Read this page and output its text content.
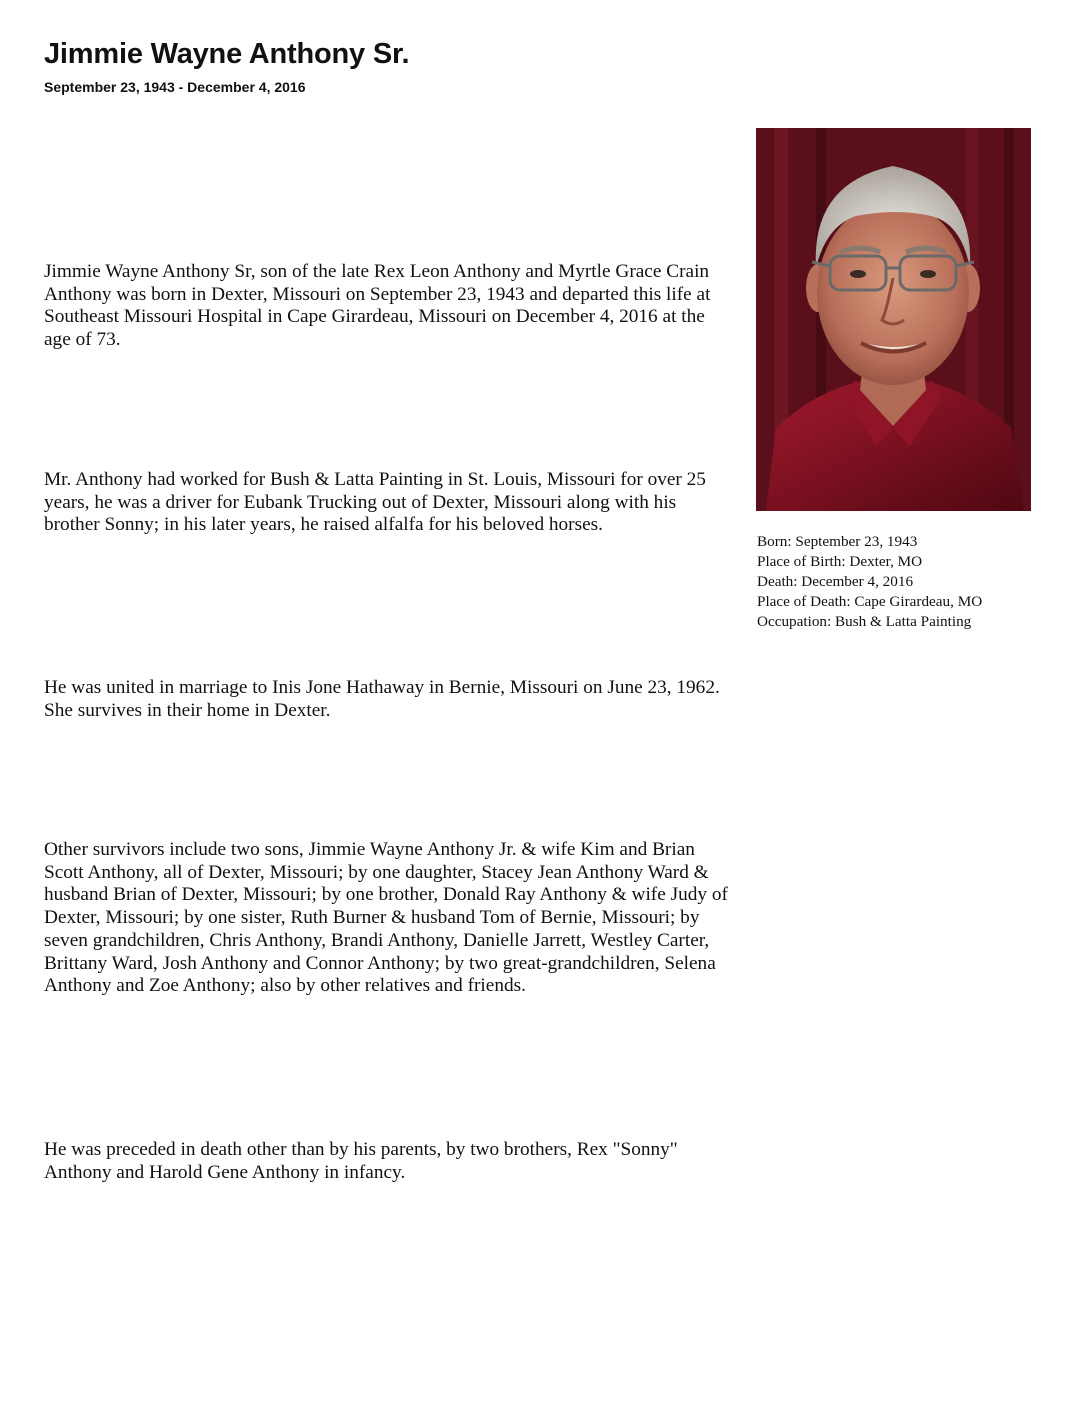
Jimmie Wayne Anthony Sr.
September 23, 1943 - December 4, 2016

Jimmie Wayne Anthony Sr, son of the late Rex Leon Anthony and Myrtle Grace Crain Anthony was born in Dexter, Missouri on September 23, 1943 and departed this life at Southeast Missouri Hospital in Cape Girardeau, Missouri on December 4, 2016 at the age of 73.

Mr. Anthony had worked for Bush & Latta Painting in St. Louis, Missouri for over 25 years, he was a driver for Eubank Trucking out of Dexter, Missouri along with his brother Sonny; in his later years, he raised alfalfa for his beloved horses.

He was united in marriage to Inis Jone Hathaway in Bernie, Missouri on June 23, 1962. She survives in their home in Dexter.

Other survivors include two sons, Jimmie Wayne Anthony Jr. & wife Kim and Brian Scott Anthony, all of Dexter, Missouri; by one daughter, Stacey Jean Anthony Ward & husband Brian of Dexter, Missouri; by one brother, Donald Ray Anthony & wife Judy of Dexter, Missouri; by one sister, Ruth Burner & husband Tom of Bernie, Missouri; by seven grandchildren, Chris Anthony, Brandi Anthony, Danielle Jarrett, Westley Carter, Brittany Ward, Josh Anthony and Connor Anthony; by two great-grandchildren, Selena Anthony and Zoe Anthony; also by other relatives and friends.

He was preceded in death other than by his parents, by two brothers, Rex "Sonny" Anthony and Harold Gene Anthony in infancy.

Born: September 23, 1943
Place of Birth: Dexter, MO
Death: December 4, 2016
Place of Death: Cape Girardeau, MO
Occupation: Bush & Latta Painting
